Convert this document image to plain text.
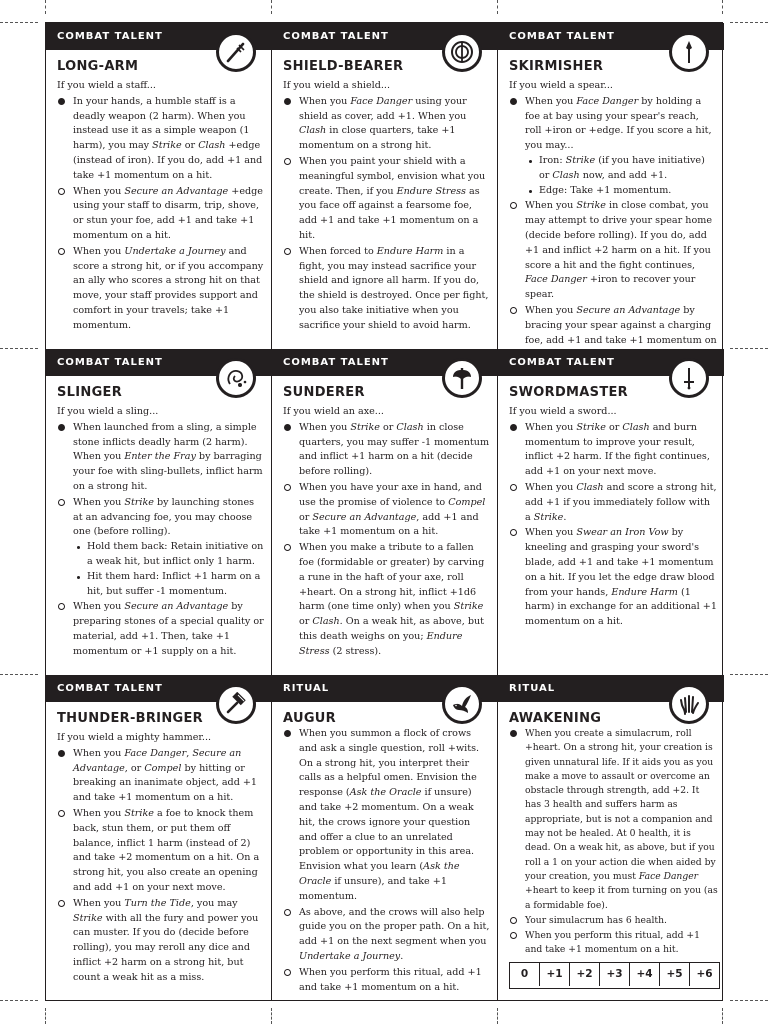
COMBAT TALENT
LONG-ARM

If you wield a staff...

In your hands, a humble staff is a deadly weapon (2 harm). When you instead use it as a simple weapon (1 harm), you may Strike or Clash +edge (instead of iron). If you do, add +1 and take +1 momentum on a hit.
When you Secure an Advantage +edge using your staff to disarm, trip, shove, or stun your foe, add +1 and take +1 momentum on a hit.
When you Undertake a Journey and score a strong hit, or if you accompany an ally who scores a strong hit on that move, your staff provides support and comfort in your travels; take +1 momentum.
COMBAT TALENT
SHIELD-BEARER

If you wield a shield...

When you Face Danger using your shield as cover, add +1. When you Clash in close quarters, take +1 momentum on a strong hit.
When you paint your shield with a meaningful symbol, envision what you create. Then, if you Endure Stress as you face off against a fearsome foe, add +1 and take +1 momentum on a hit.
When forced to Endure Harm in a fight, you may instead sacrifice your shield and ignore all harm. If you do, the shield is destroyed. Once per fight, you also take initiative when you sacrifice your shield to avoid harm.
COMBAT TALENT
SKIRMISHER

If you wield a spear...

When you Face Danger by holding a foe at bay using your spear's reach, roll +iron or +edge. If you score a hit, you may...
Iron: Strike (if you have initiative) or Clash now, and add +1.
Edge: Take +1 momentum.
When you Strike in close combat, you may attempt to drive your spear home (decide before rolling). If you do, add +1 and inflict +2 harm on a hit. If you score a hit and the fight continues, Face Danger +iron to recover your spear.
When you Secure an Advantage by bracing your spear against a charging foe, add +1 and take +1 momentum on
COMBAT TALENT
SLINGER

If you wield a sling...

When launched from a sling, a simple stone inflicts deadly harm (2 harm). When you Enter the Fray by barraging your foe with sling-bullets, inflict harm on a strong hit.
When you Strike by launching stones at an advancing foe, you may choose one (before rolling).
Hold them back: Retain initiative on a weak hit, but inflict only 1 harm.
Hit them hard: Inflict +1 harm on a hit, but suffer -1 momentum.
When you Secure an Advantage by preparing stones of a special quality or material, add +1. Then, take +1 momentum or +1 supply on a hit.
COMBAT TALENT
SUNDERER

If you wield an axe...

When you Strike or Clash in close quarters, you may suffer -1 momentum and inflict +1 harm on a hit (decide before rolling).
When you have your axe in hand, and use the promise of violence to Compel or Secure an Advantage, add +1 and take +1 momentum on a hit.
When you make a tribute to a fallen foe (formidable or greater) by carving a rune in the haft of your axe, roll +heart. On a strong hit, inflict +1d6 harm (one time only) when you Strike or Clash. On a weak hit, as above, but this death weighs on you; Endure Stress (2 stress).
COMBAT TALENT
SWORDMASTER

If you wield a sword...

When you Strike or Clash and burn momentum to improve your result, inflict +2 harm. If the fight continues, add +1 on your next move.
When you Clash and score a strong hit, add +1 if you immediately follow with a Strike.
When you Swear an Iron Vow by kneeling and grasping your sword's blade, add +1 and take +1 momentum on a hit. If you let the edge draw blood from your hands, Endure Harm (1 harm) in exchange for an additional +1 momentum on a hit.
COMBAT TALENT
THUNDER-BRINGER

If you wield a mighty hammer...

When you Face Danger, Secure an Advantage, or Compel by hitting or breaking an inanimate object, add +1 and take +1 momentum on a hit.
When you Strike a foe to knock them back, stun them, or put them off balance, inflict 1 harm (instead of 2) and take +2 momentum on a hit. On a strong hit, you also create an opening and add +1 on your next move.
When you Turn the Tide, you may Strike with all the fury and power you can muster. If you do (decide before rolling), you may reroll any dice and inflict +2 harm on a strong hit, but count a weak hit as a miss.
RITUAL
AUGUR
When you summon a flock of crows and ask a single question, roll +wits. On a strong hit, you interpret their calls as a helpful omen. Envision the response (Ask the Oracle if unsure) and take +2 momentum. On a weak hit, the crows ignore your question and offer a clue to an unrelated problem or opportunity in this area. Envision what you learn (Ask the Oracle if unsure), and take +1 momentum.
As above, and the crows will also help guide you on the proper path. On a hit, add +1 on the next segment when you Undertake a Journey.
When you perform this ritual, add +1 and take +1 momentum on a hit.
RITUAL
AWAKENING
When you create a simulacrum, roll +heart. On a strong hit, your creation is given unnatural life. If it aids you as you make a move to assault or overcome an obstacle through strength, add +2. It has 3 health and suffers harm as appropriate, but is not a companion and may not be healed. At 0 health, it is dead. On a weak hit, as above, but if you roll a 1 on your action die when aided by your creation, you must Face Danger +heart to keep it from turning on you (as a formidable foe).
Your simulacrum has 6 health.
When you perform this ritual, add +1 and take +1 momentum on a hit.
0	+1	+2	+3	+4	+5	+6
